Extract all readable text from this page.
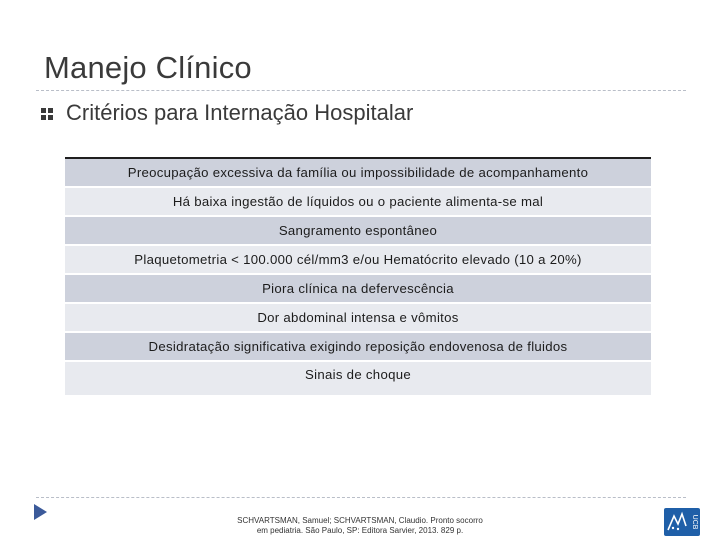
Manejo Clínico
Critérios para Internação Hospitalar
Preocupação excessiva da família ou impossibilidade de acompanhamento
Há baixa ingestão de líquidos ou o paciente alimenta-se mal
Sangramento espontâneo
Plaquetometria < 100.000 cél/mm3 e/ou Hematócrito elevado (10 a 20%)
Piora clínica na defervescência
Dor abdominal intensa e vômitos
Desidratação significativa exigindo reposição endovenosa de fluidos
Sinais de choque
SCHVARTSMAN, Samuel; SCHVARTSMAN, Claudio. Pronto socorro
em pediatria. São Paulo, SP: Editora Sarvier, 2013. 829 p.
UCB
